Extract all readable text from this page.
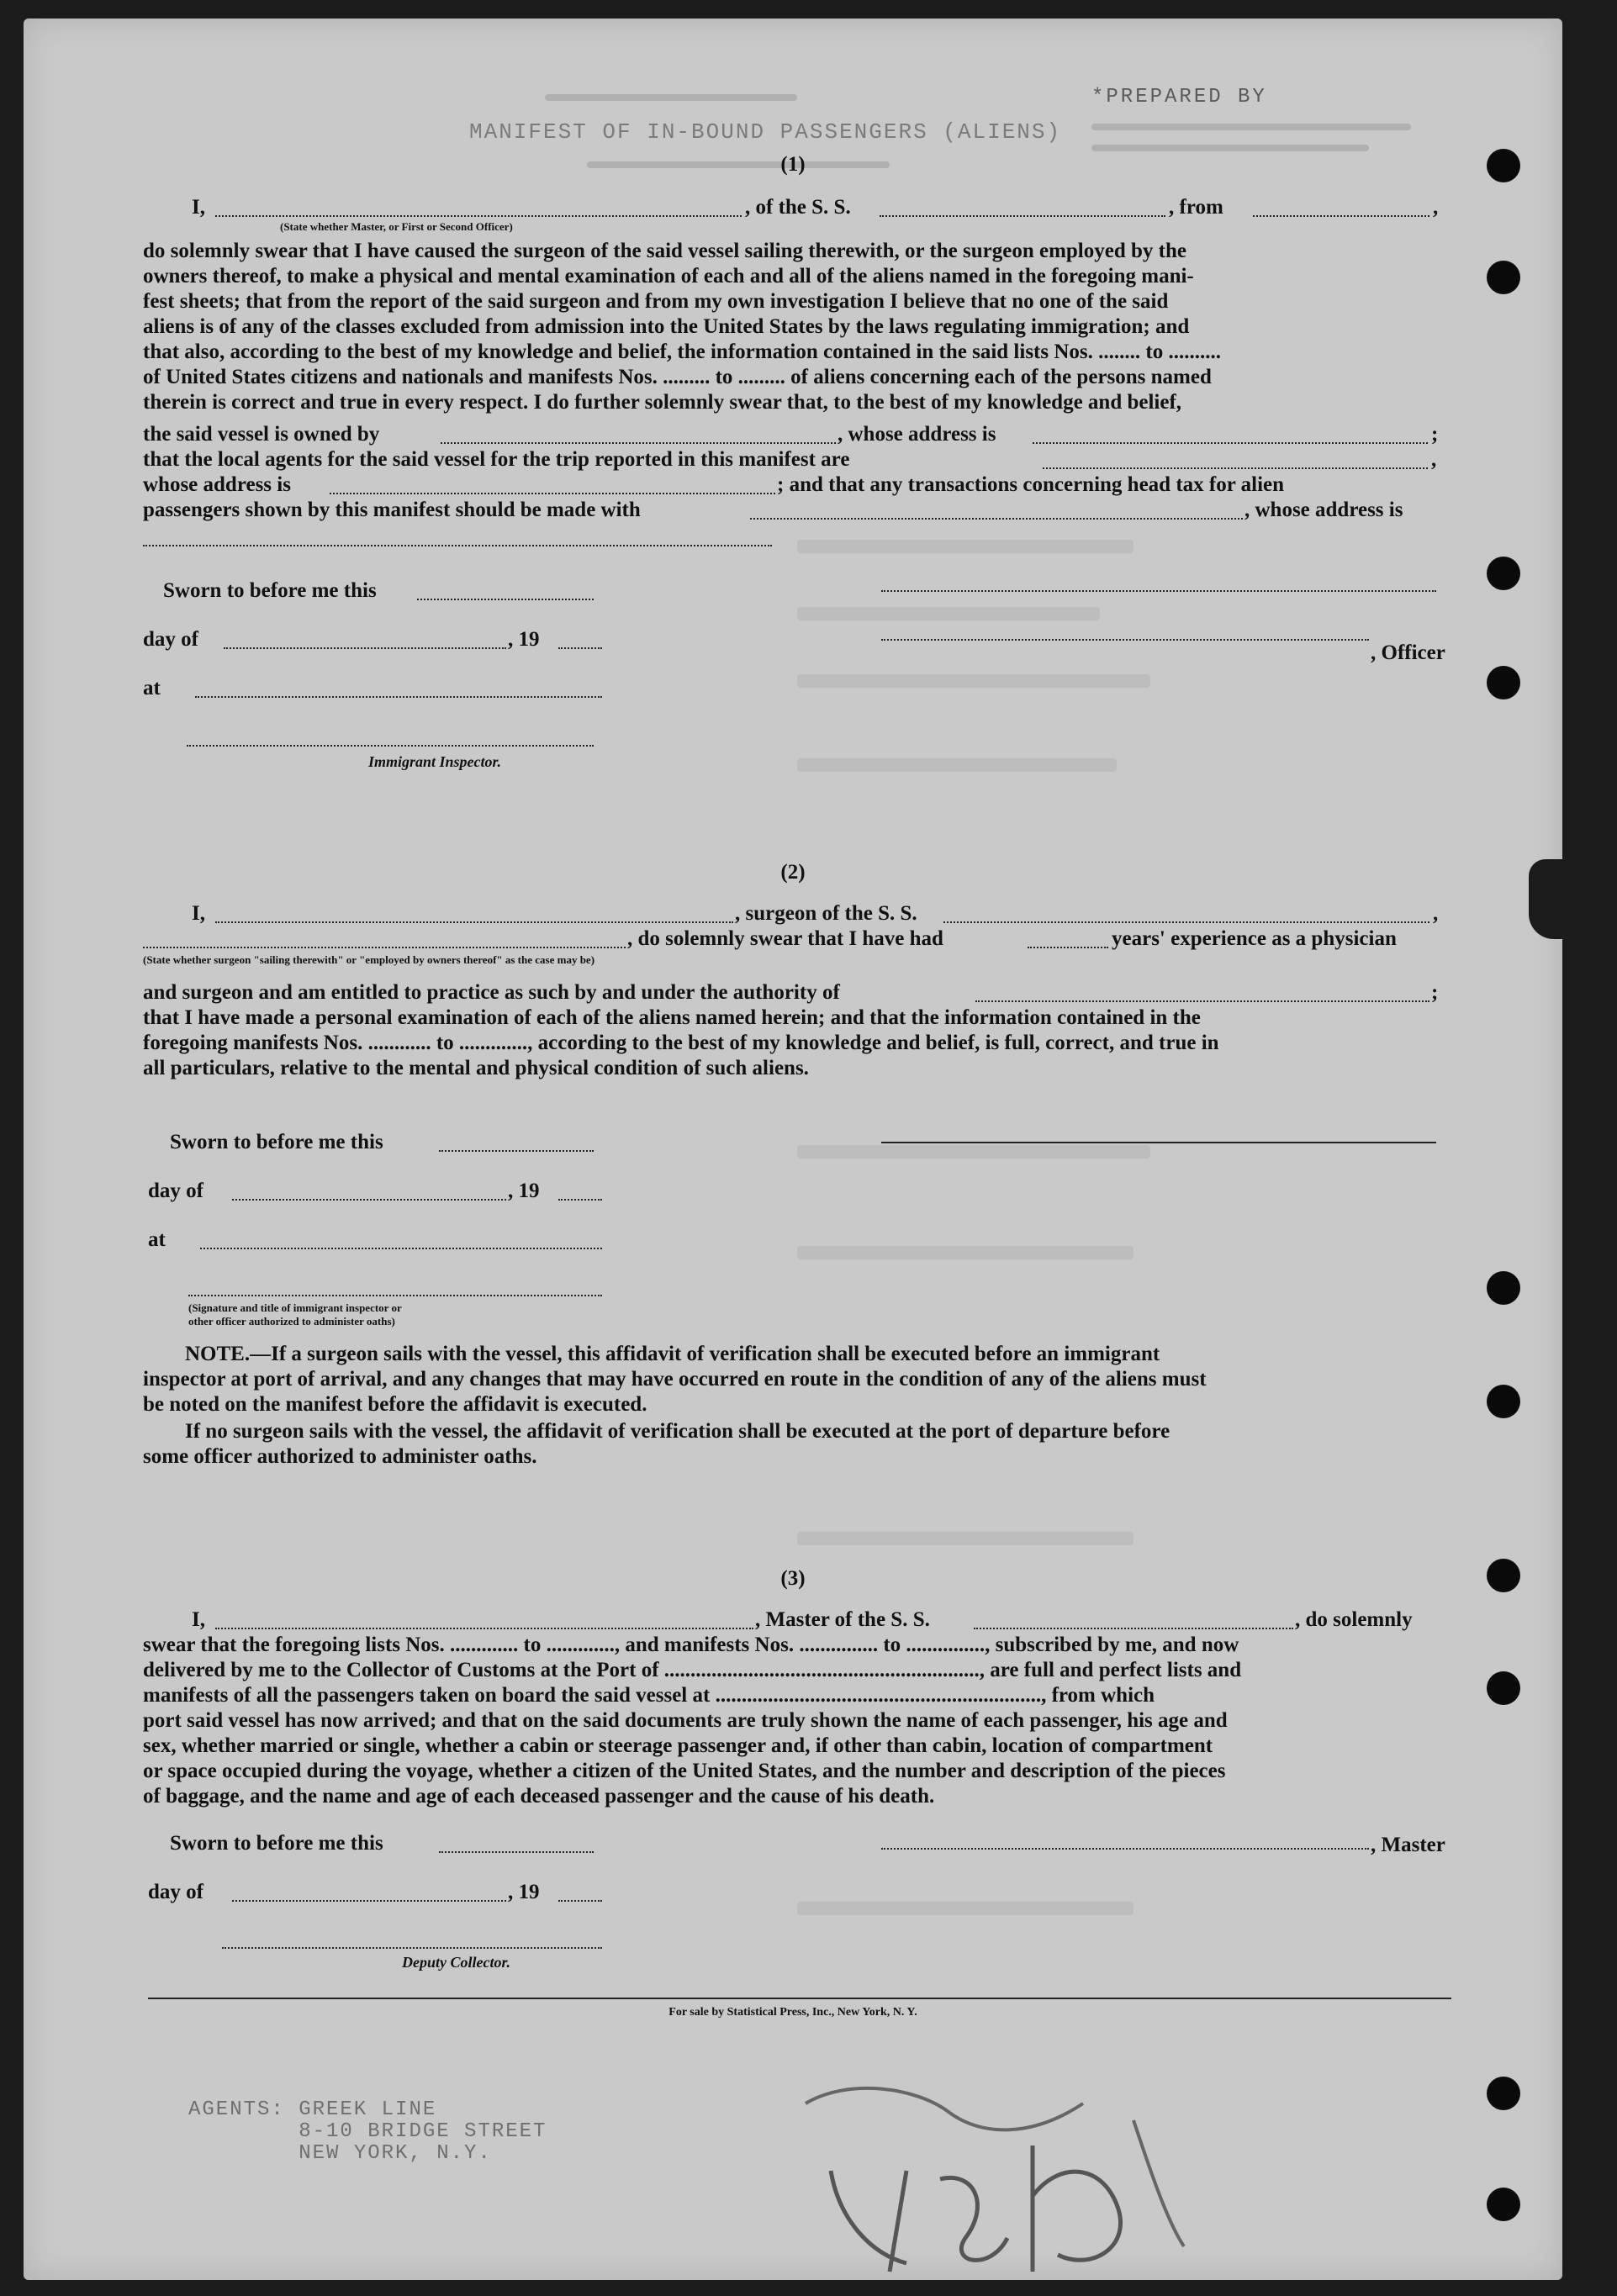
MANIFEST OF IN-BOUND PASSENGERS (ALIENS)
*PREPARED BY
(1)
I,	, of the S. S.	, from	,
(State whether Master, or First or Second Officer)
do solemnly swear that I have caused the surgeon of the said vessel sailing therewith, or the surgeon employed by the
owners thereof, to make a physical and mental examination of each and all of the aliens named in the foregoing mani-
fest sheets; that from the report of the said surgeon and from my own investigation I believe that no one of the said
aliens is of any of the classes excluded from admission into the United States by the laws regulating immigration; and
that also, according to the best of my knowledge and belief, the information contained in the said lists Nos. ........ to ..........
of United States citizens and nationals and manifests Nos. ......... to ......... of aliens concerning each of the persons named
therein is correct and true in every respect. I do further solemnly swear that, to the best of my knowledge and belief,
the said vessel is owned by	, whose address is	;
that the local agents for the said vessel for the trip reported in this manifest are	,
whose address is	; and that any transactions concerning head tax for alien
passengers shown by this manifest should be made with	, whose address is
Sworn to before me this
day of	, 19
at
Immigrant Inspector.
, Officer
(2)
I,	, surgeon of the S. S.	,
, do solemnly swear that I have had	years' experience as a physician
(State whether surgeon "sailing therewith" or "employed by owners thereof" as the case may be)
and surgeon and am entitled to practice as such by and under the authority of	;
that I have made a personal examination of each of the aliens named herein; and that the information contained in the
foregoing manifests Nos. ............ to ............., according to the best of my knowledge and belief, is full, correct, and true in
all particulars, relative to the mental and physical condition of such aliens.
Sworn to before me this
day of	, 19
at
(Signature and title of immigrant inspector or
other officer authorized to administer oaths)
NOTE.—If a surgeon sails with the vessel, this affidavit of verification shall be executed before an immigrant
inspector at port of arrival, and any changes that may have occurred en route in the condition of any of the aliens must
be noted on the manifest before the affidavit is executed.
If no surgeon sails with the vessel, the affidavit of verification shall be executed at the port of departure before
some officer authorized to administer oaths.
(3)
I,	, Master of the S. S.	, do solemnly
swear that the foregoing lists Nos. ............. to ............., and manifests Nos. ............... to ..............., subscribed by me, and now
delivered by me to the Collector of Customs at the Port of ............................................................, are full and perfect lists and
manifests of all the passengers taken on board the said vessel at .............................................................., from which
port said vessel has now arrived; and that on the said documents are truly shown the name of each passenger, his age and
sex, whether married or single, whether a cabin or steerage passenger and, if other than cabin, location of compartment
or space occupied during the voyage, whether a citizen of the United States, and the number and description of the pieces
of baggage, and the name and age of each deceased passenger and the cause of his death.
Sworn to before me this
day of	, 19
Deputy Collector.
, Master
For sale by Statistical Press, Inc., New York, N. Y.
AGENTS: GREEK LINE
8-10 BRIDGE STREET
NEW YORK, N.Y.
